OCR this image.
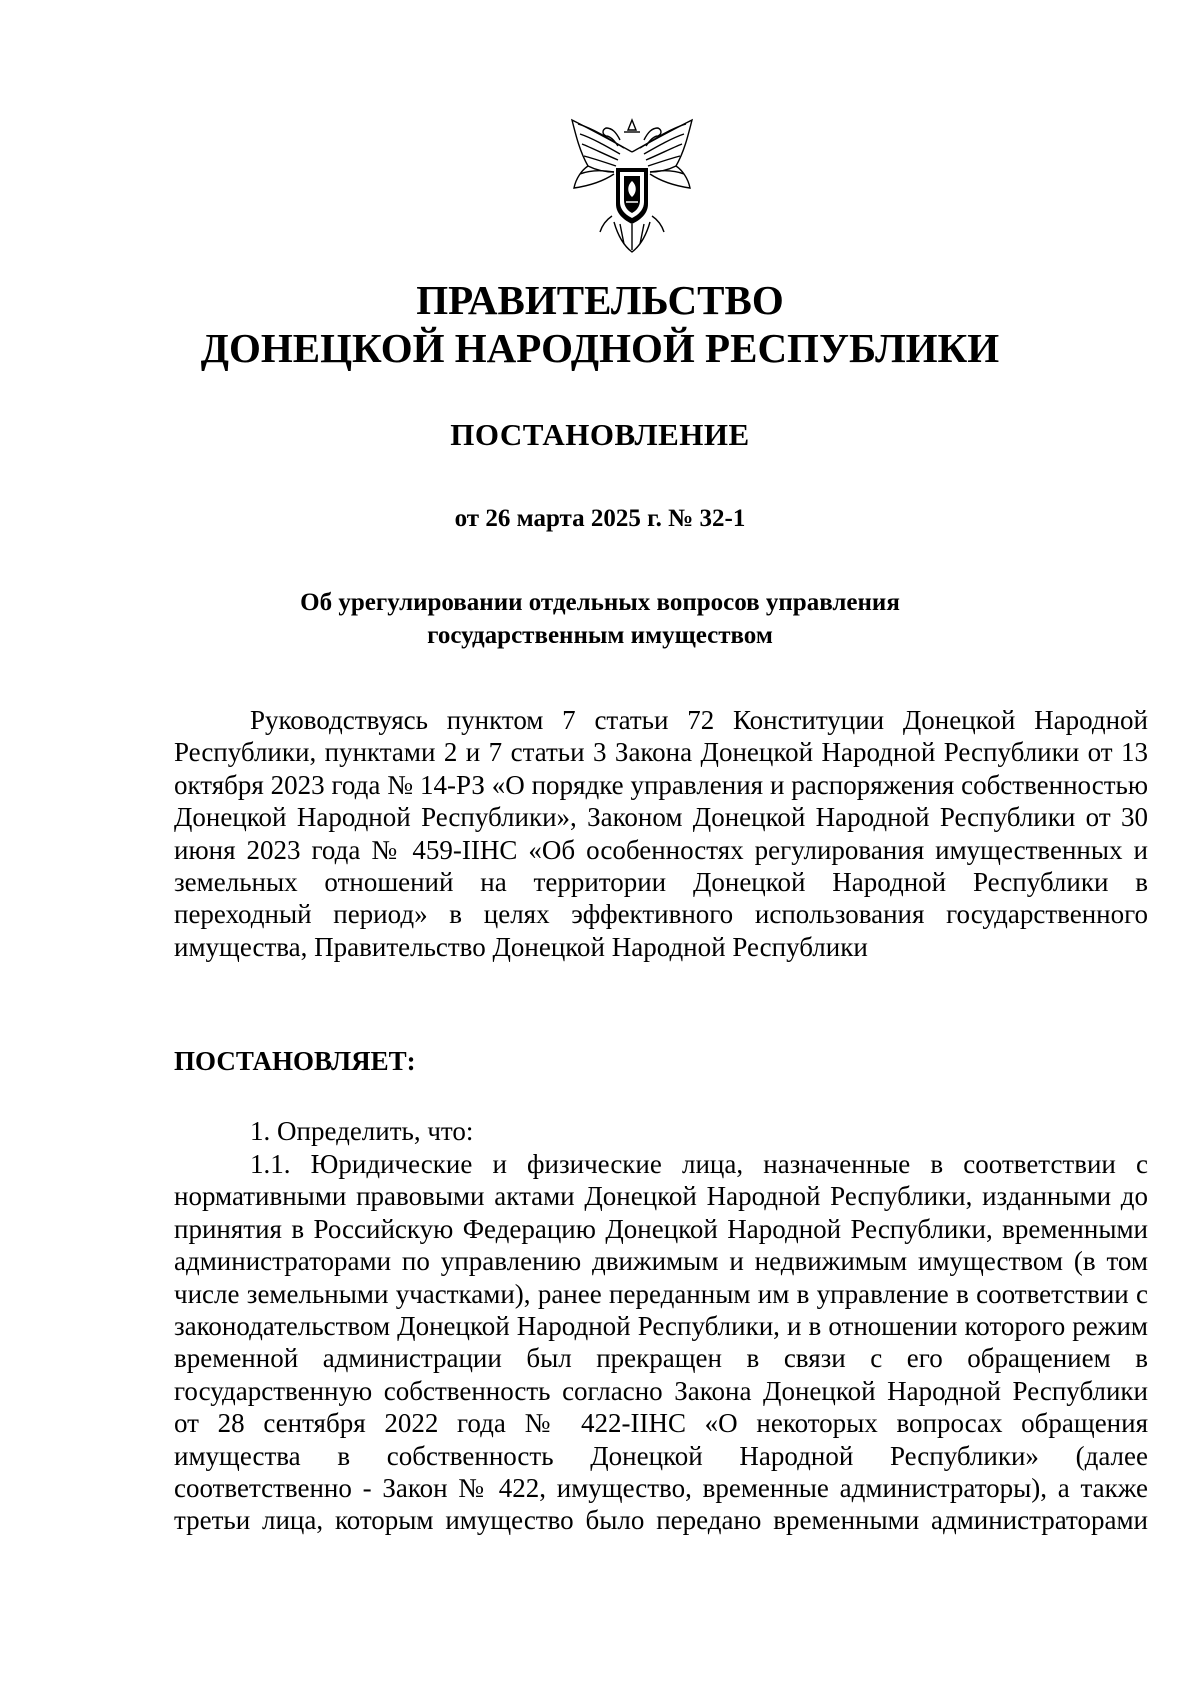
ПРАВИТЕЛЬСТВО
ДОНЕЦКОЙ НАРОДНОЙ РЕСПУБЛИКИ
ПОСТАНОВЛЕНИЕ
от 26 марта 2025 г. № 32-1
Об урегулировании отдельных вопросов управления
государственным имуществом
Руководствуясь пунктом 7 статьи 72 Конституции Донецкой Народной Республики, пунктами 2 и 7 статьи 3 Закона Донецкой Народной Республики от 13 октября 2023 года № 14-РЗ «О порядке управления и распоряжения собственностью Донецкой Народной Республики», Законом Донецкой Народной Республики от 30 июня 2023 года № 459-IIНС «Об особенностях регулирования имущественных и земельных отношений на территории Донецкой Народной Республики в переходный период» в целях эффективного использования государственного имущества, Правительство Донецкой Народной Республики
ПОСТАНОВЛЯЕТ:
1. Определить, что:
1.1. Юридические и физические лица, назначенные в соответствии с нормативными правовыми актами Донецкой Народной Республики, изданными до принятия в Российскую Федерацию Донецкой Народной Республики, временными администраторами по управлению движимым и недвижимым имуществом (в том числе земельными участками), ранее переданным им в управление в соответствии с законодательством Донецкой Народной Республики, и в отношении которого режим временной администрации был прекращен в связи с его обращением в государственную собственность согласно Закона Донецкой Народной Республики от 28 сентября 2022 года № 422-IIНС «О некоторых вопросах обращения имущества в собственность Донецкой Народной Республики» (далее соответственно - Закон № 422, имущество, временные администраторы), а также третьи лица, которым имущество было передано временными администраторами
